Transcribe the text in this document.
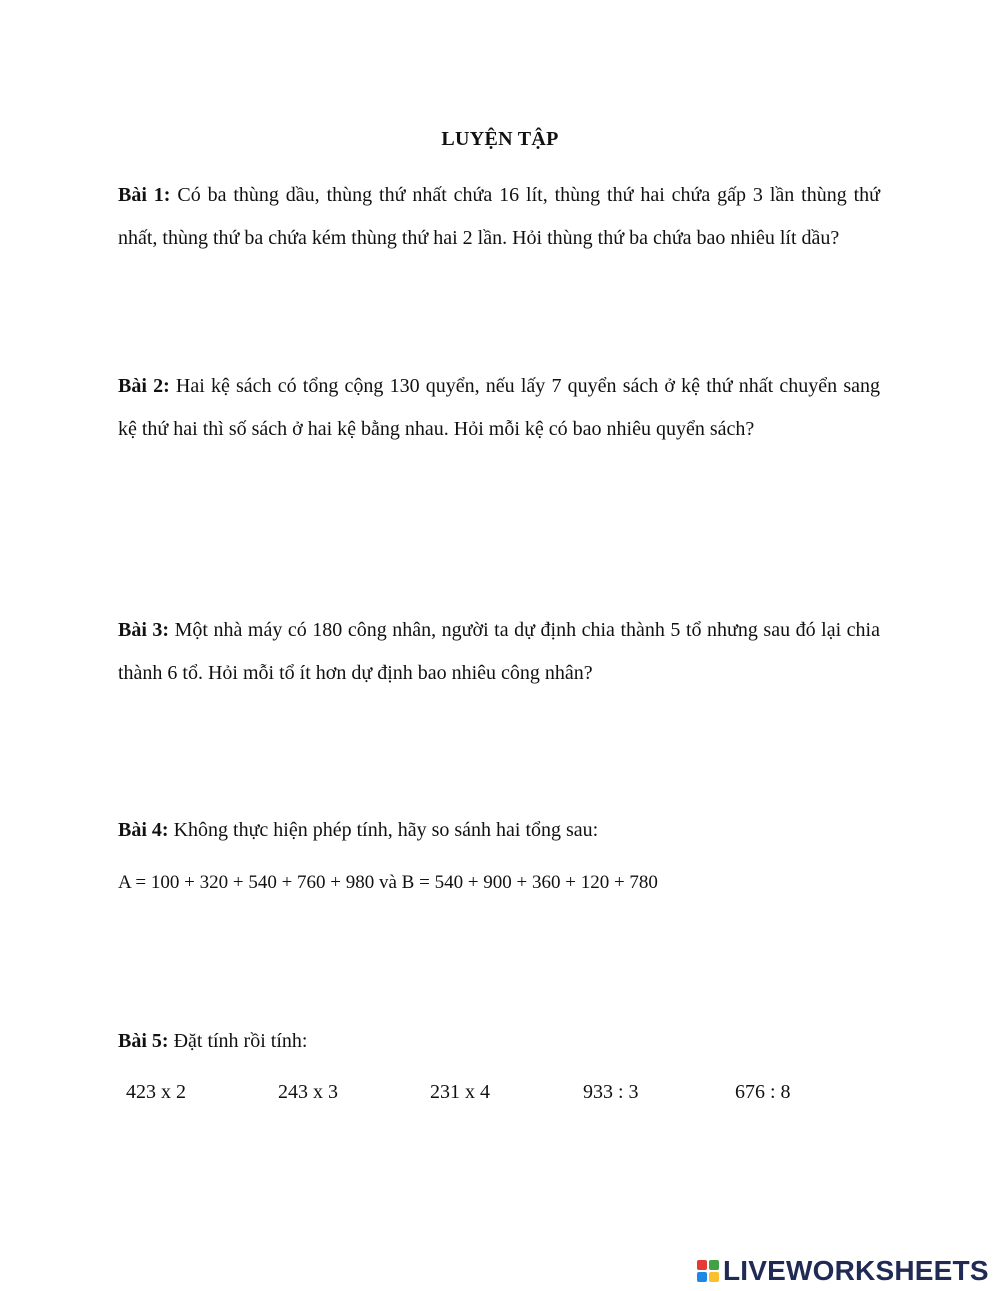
LUYỆN TẬP

Bài 1: Có ba thùng dầu, thùng thứ nhất chứa 16 lít, thùng thứ hai chứa gấp 3 lần thùng thứ nhất, thùng thứ ba chứa kém thùng thứ hai 2 lần. Hỏi thùng thứ ba chứa bao nhiêu lít dầu?

Bài 2: Hai kệ sách có tổng cộng 130 quyển, nếu lấy 7 quyển sách ở kệ thứ nhất chuyển sang kệ thứ hai thì số sách ở hai kệ bằng nhau. Hỏi mỗi kệ có bao nhiêu quyển sách?

Bài 3: Một nhà máy có 180 công nhân, người ta dự định chia thành 5 tổ nhưng sau đó lại chia thành 6 tổ. Hỏi mỗi tổ ít hơn dự định bao nhiêu công nhân?

Bài 4: Không thực hiện phép tính, hãy so sánh hai tổng sau:

A = 100 + 320 + 540 + 760 + 980 và B = 540 + 900 + 360 + 120 + 780

Bài 5: Đặt tính rồi tính:

423 x 2	243 x 3	231 x 4	933 : 3	676 : 8
LIVEWORKSHEETS
